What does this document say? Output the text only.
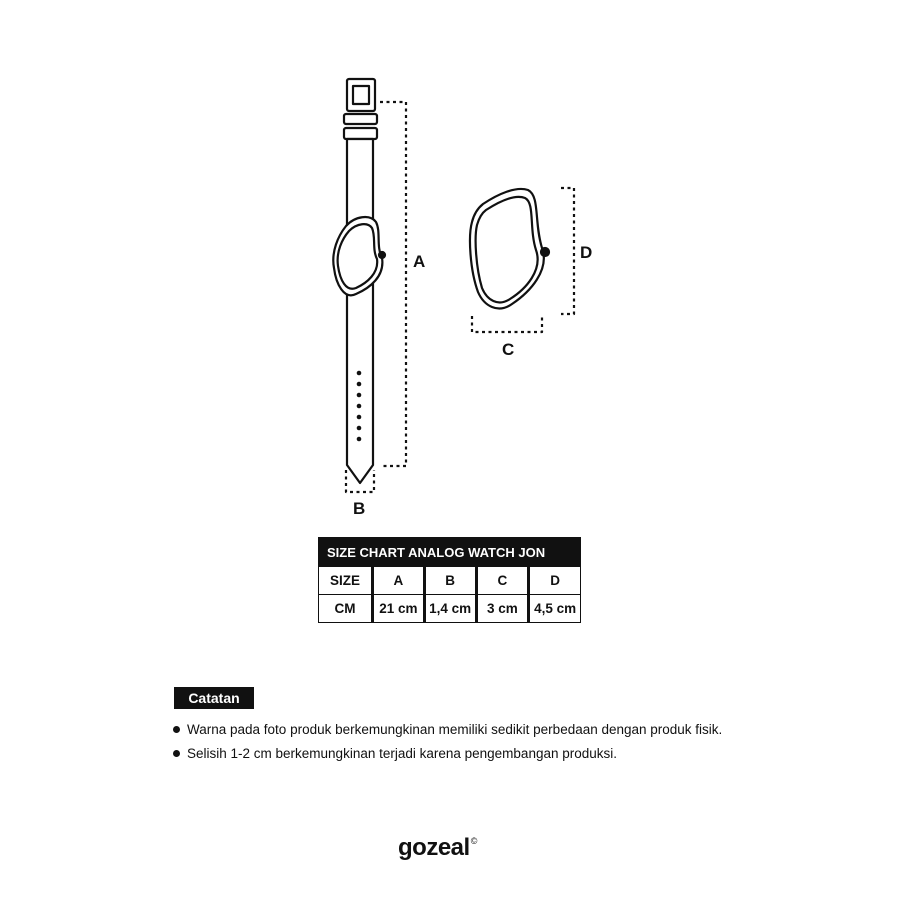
A
B
C
D
SIZE CHART ANALOG WATCH JON				
SIZE	A	B	C	D
CM	21 cm	1,4 cm	3 cm	4,5 cm
Catatan
Warna pada foto produk berkemungkinan memiliki sedikit perbedaan dengan produk fisik.
Selisih 1-2 cm berkemungkinan terjadi karena pengembangan produksi.
gozeal©
